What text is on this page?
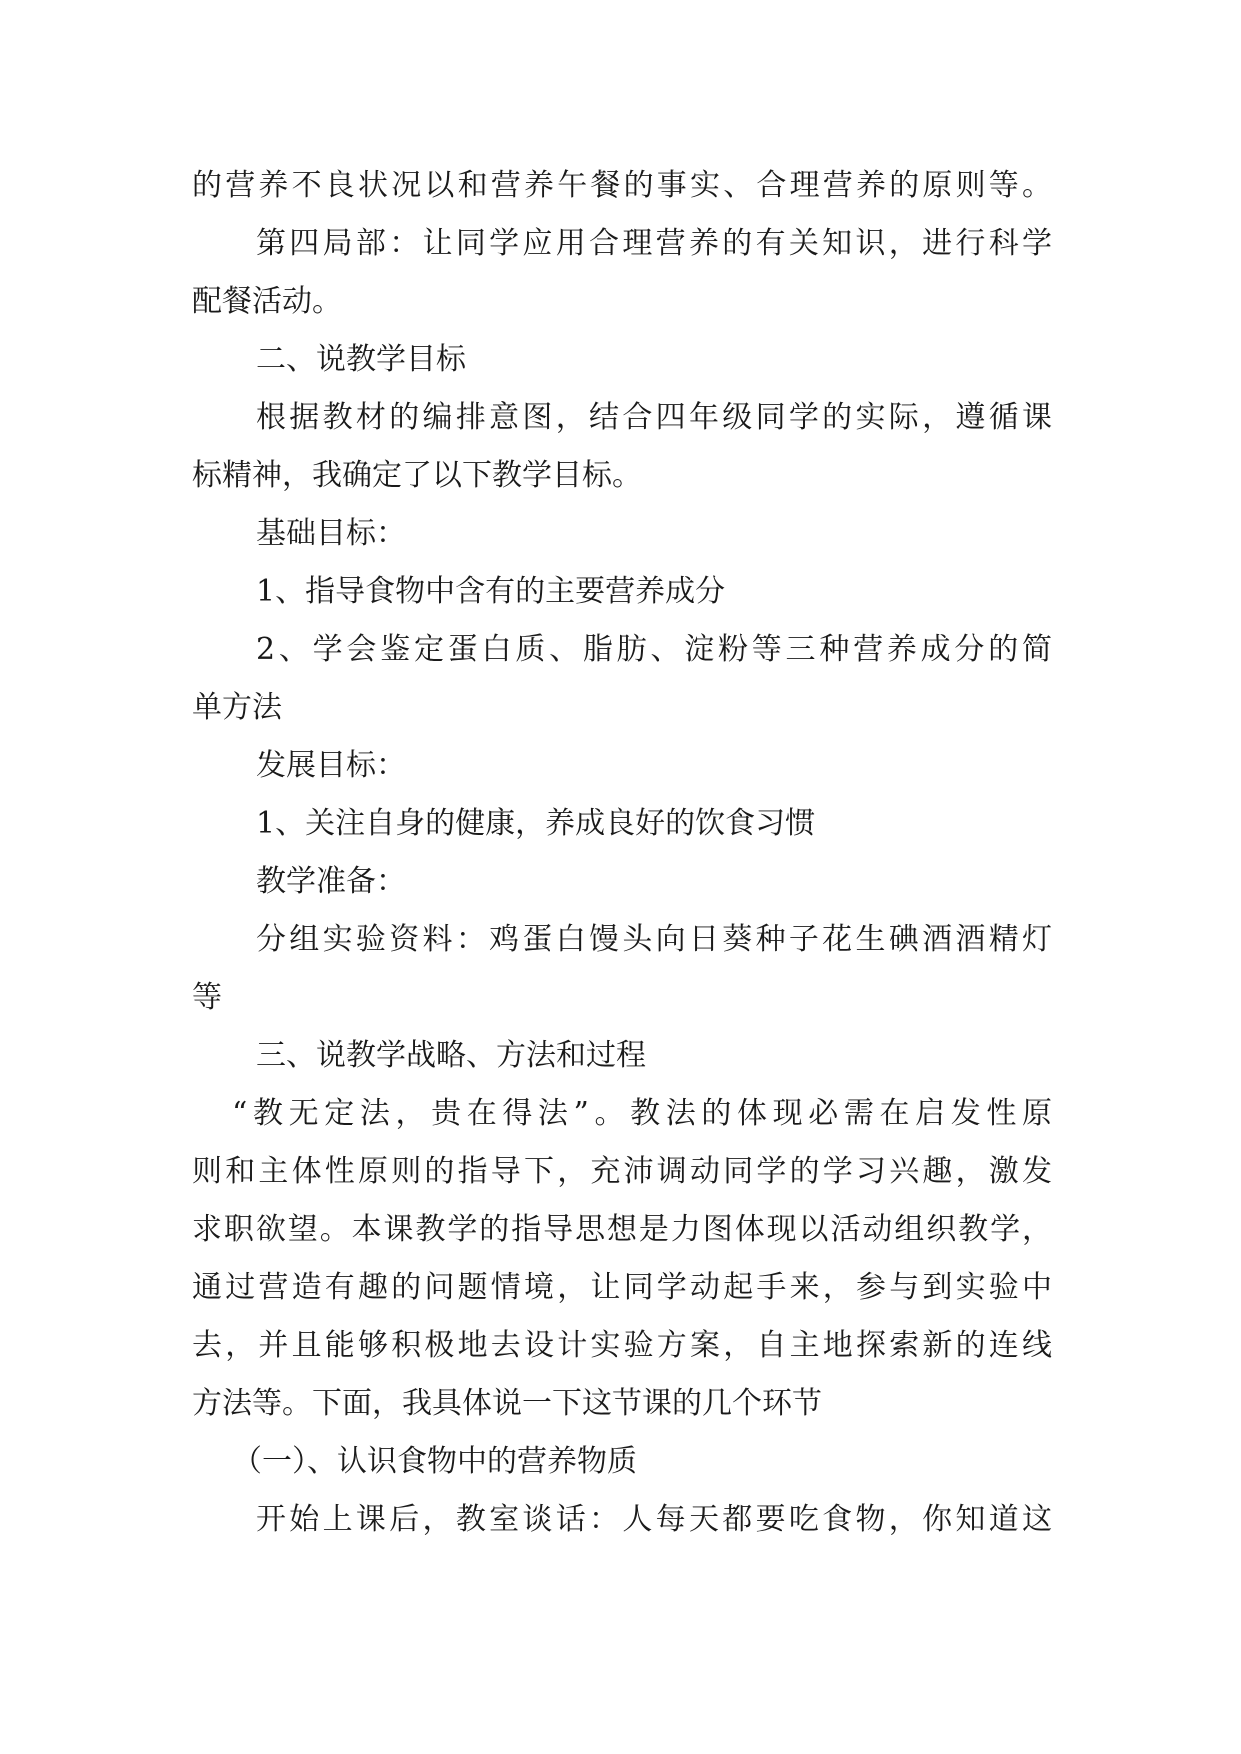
的营养不良状况以和营养午餐的事实、合理营养的原则等。
第四局部：让同学应用合理营养的有关知识，进行科学
配餐活动。
二、说教学目标
根据教材的编排意图，结合四年级同学的实际，遵循课
标精神，我确定了以下教学目标。
基础目标：
1、指导食物中含有的主要营养成分
2、学会鉴定蛋白质、脂肪、淀粉等三种营养成分的简
单方法
发展目标：
1、关注自身的健康，养成良好的饮食习惯
教学准备：
分组实验资料：鸡蛋白馒头向日葵种子花生碘酒酒精灯
等
三、说教学战略、方法和过程
“教无定法，贵在得法”。教法的体现必需在启发性原
则和主体性原则的指导下，充沛调动同学的学习兴趣，激发
求职欲望。本课教学的指导思想是力图体现以活动组织教学，
通过营造有趣的问题情境，让同学动起手来，参与到实验中
去，并且能够积极地去设计实验方案，自主地探索新的连线
方法等。下面，我具体说一下这节课的几个环节
（一）、认识食物中的营养物质
开始上课后，教室谈话：人每天都要吃食物，你知道这
